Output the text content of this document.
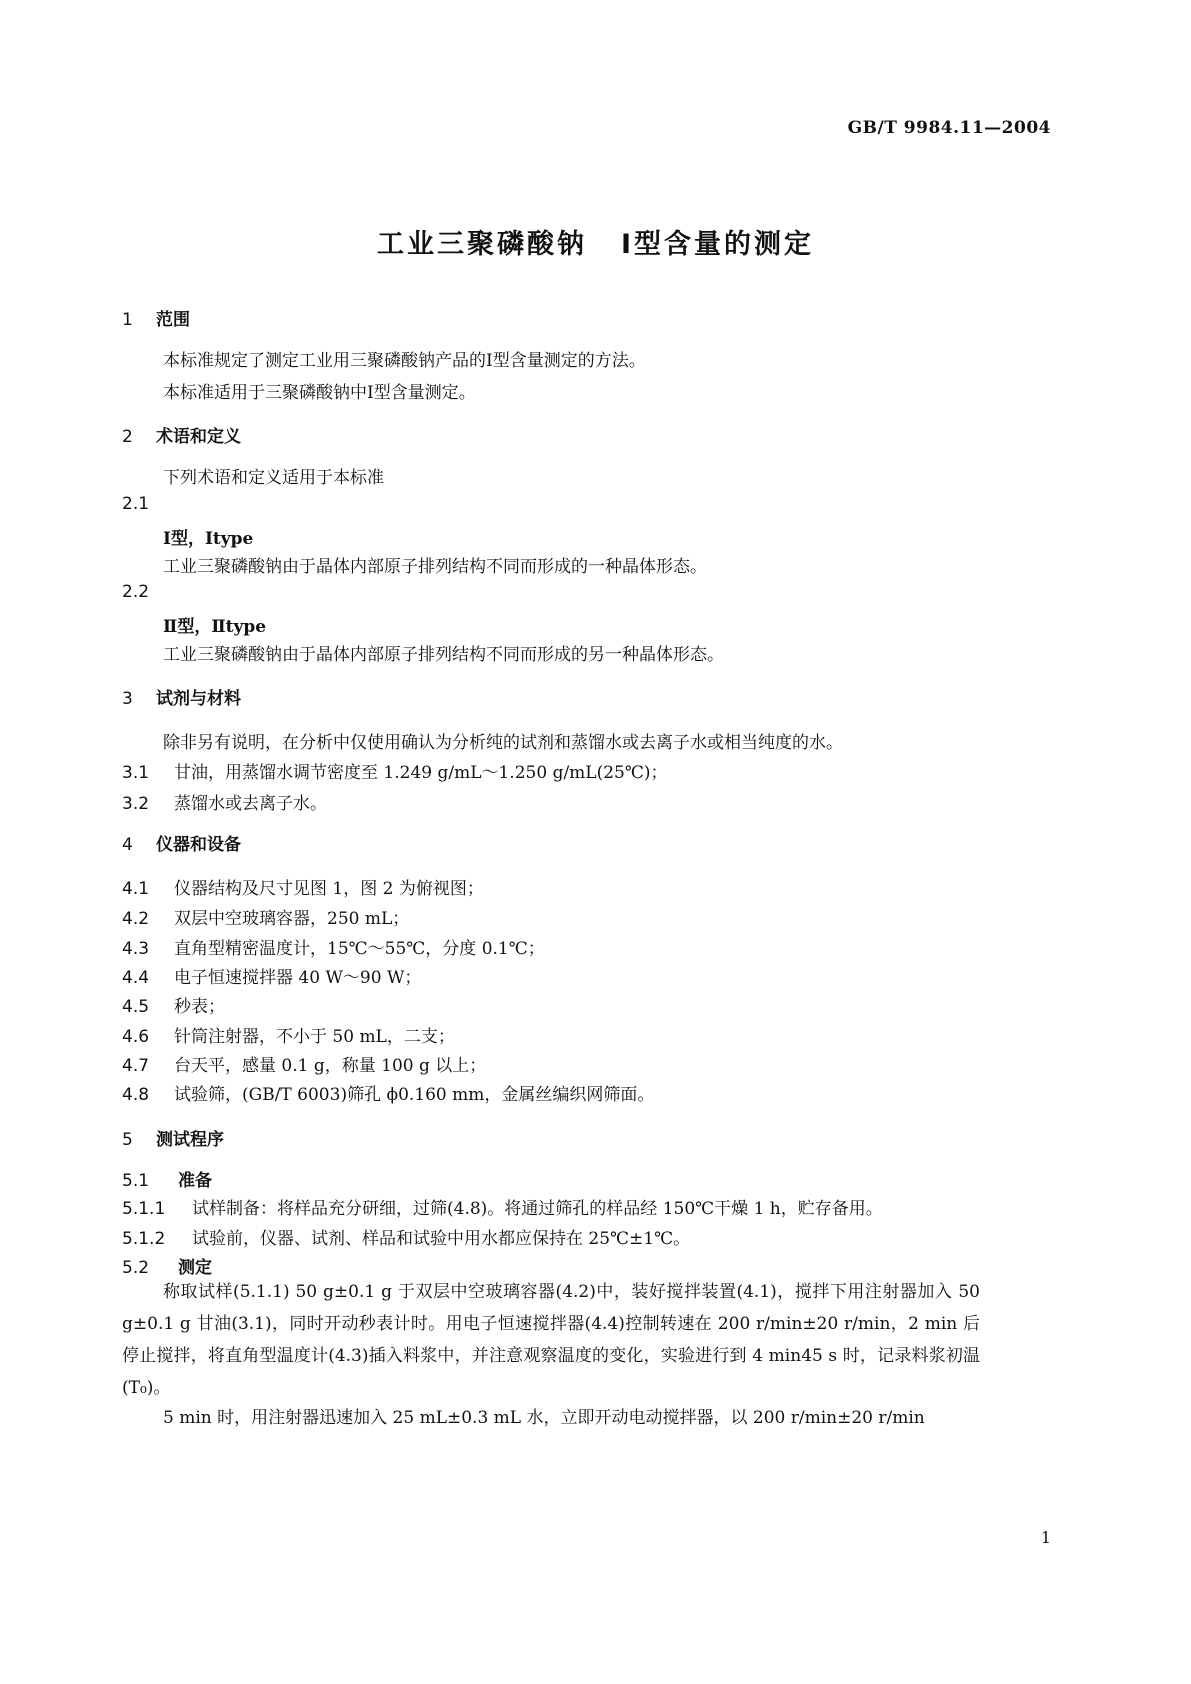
GB/T 9984.11—2004
工业三聚磷酸钠 Ⅰ型含量的测定
1 范围
本标准规定了测定工业用三聚磷酸钠产品的Ⅰ型含量测定的方法。
本标准适用于三聚磷酸钠中Ⅰ型含量测定。
2 术语和定义
下列术语和定义适用于本标准
2.1
Ⅰ型，Ⅰtype
工业三聚磷酸钠由于晶体内部原子排列结构不同而形成的一种晶体形态。
2.2
Ⅱ型，Ⅱtype
工业三聚磷酸钠由于晶体内部原子排列结构不同而形成的另一种晶体形态。
3 试剂与材料
除非另有说明，在分析中仅使用确认为分析纯的试剂和蒸馏水或去离子水或相当纯度的水。
3.1 甘油，用蒸馏水调节密度至 1.249 g/mL～1.250 g/mL(25℃)；
3.2 蒸馏水或去离子水。
4 仪器和设备
4.1 仪器结构及尺寸见图 1，图 2 为俯视图；
4.2 双层中空玻璃容器，250 mL；
4.3 直角型精密温度计，15℃～55℃，分度 0.1℃；
4.4 电子恒速搅拌器 40 W～90 W；
4.5 秒表；
4.6 针筒注射器，不小于 50 mL，二支；
4.7 台天平，感量 0.1 g，称量 100 g 以上；
4.8 试验筛，(GB/T 6003)筛孔 ϕ0.160 mm，金属丝编织网筛面。
5 测试程序
5.1 准备
5.1.1 试样制备：将样品充分研细，过筛(4.8)。将通过筛孔的样品经 150℃干燥 1 h，贮存备用。
5.1.2 试验前，仪器、试剂、样品和试验中用水都应保持在 25℃±1℃。
5.2 测定
称取试样(5.1.1) 50 g±0.1 g 于双层中空玻璃容器(4.2)中，装好搅拌装置(4.1)，搅拌下用注射器加入 50 g±0.1 g 甘油(3.1)，同时开动秒表计时。用电子恒速搅拌器(4.4)控制转速在 200 r/min±20 r/min，2 min 后停止搅拌，将直角型温度计(4.3)插入料浆中，并注意观察温度的变化，实验进行到 4 min45 s 时，记录料浆初温(T₀)。
5 min 时，用注射器迅速加入 25 mL±0.3 mL 水，立即开动电动搅拌器，以 200 r/min±20 r/min
1
